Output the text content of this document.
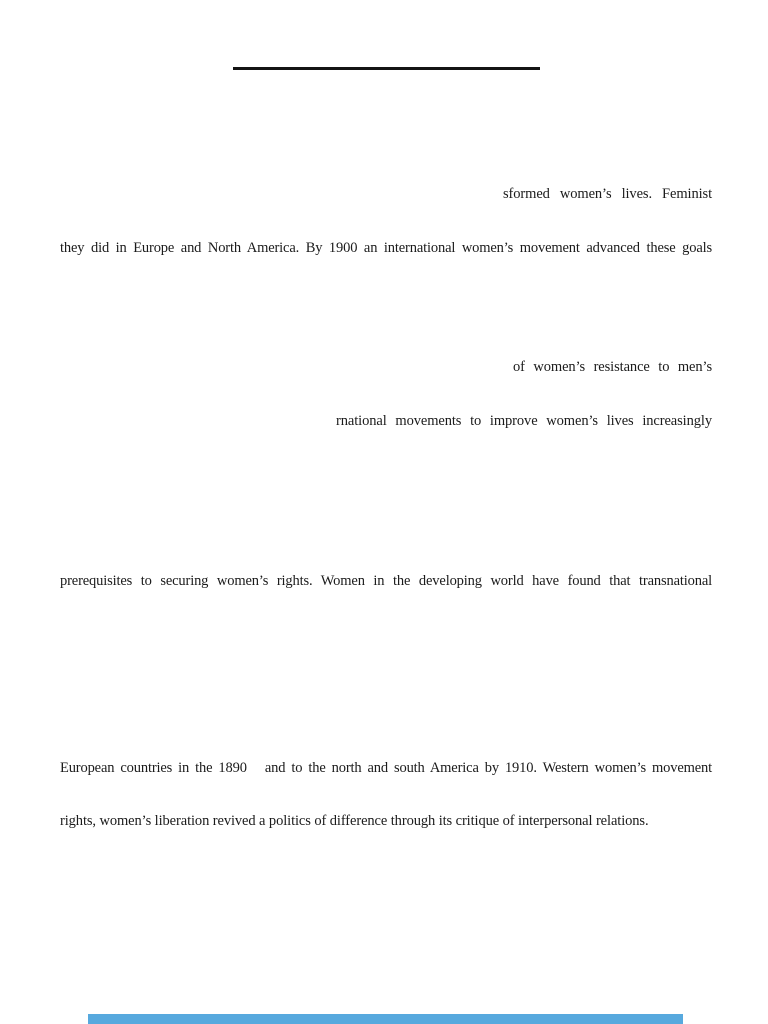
sformed women’s lives. Feminist
they did in Europe and North America. By 1900 an international women’s movement advanced these goals
of women’s resistance to men’s
rnational movements to improve women’s lives increasingly
prerequisites to securing women’s rights. Women in the developing world have found that transnational
European countries in the 1890   and to the north and south America by 1910. Western women’s movement
rights, women’s liberation revived a politics of difference through its critique of interpersonal relations.
